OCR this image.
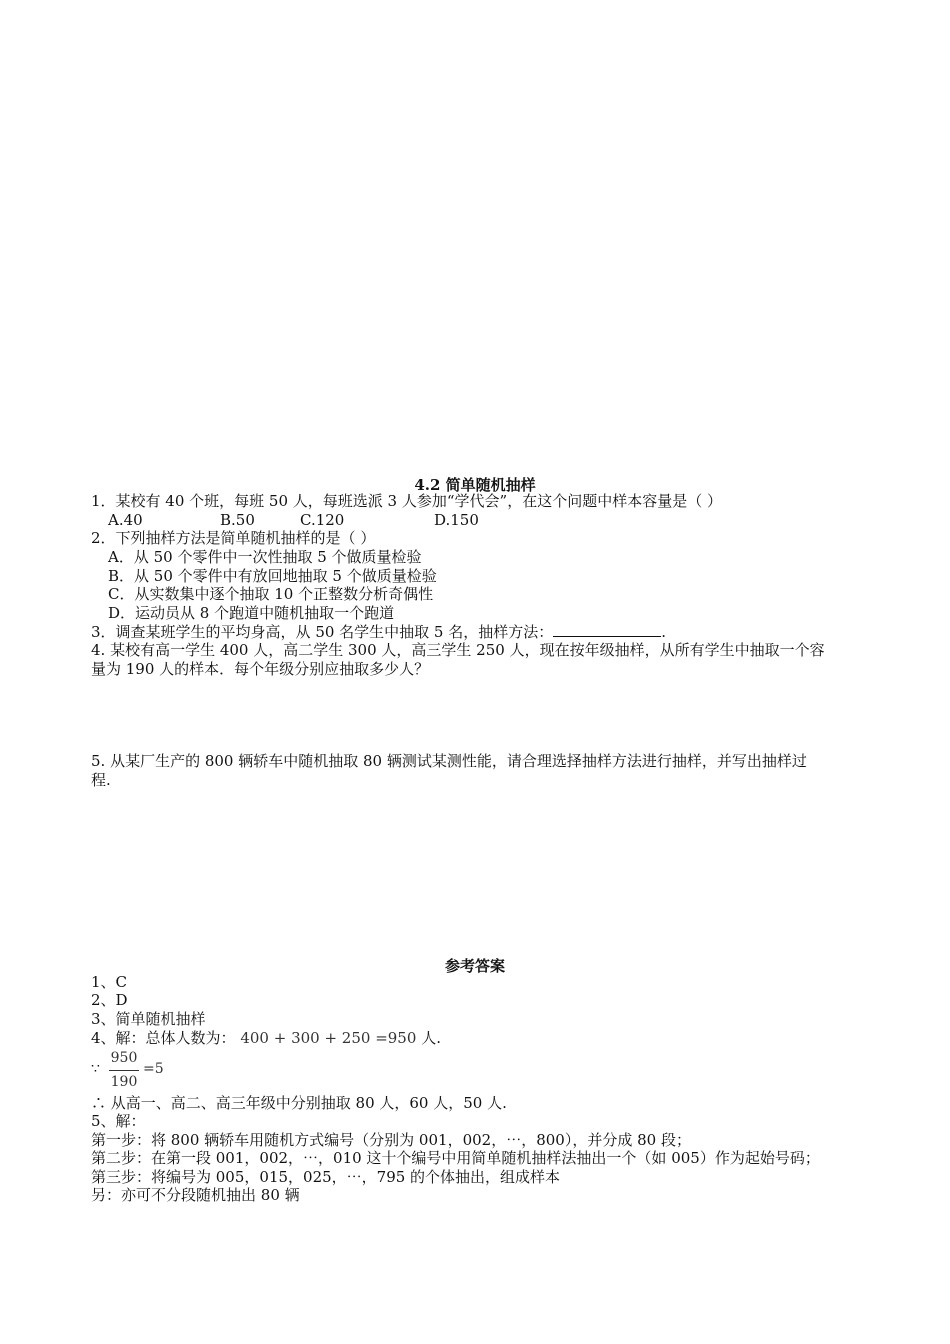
4.2 简单随机抽样
1．某校有 40 个班，每班 50 人，每班选派 3 人参加“学代会”，在这个问题中样本容量是（ ）
A.40	B.50	C.120	D.150
2．下列抽样方法是简单随机抽样的是（ ）
A．从 50 个零件中一次性抽取 5 个做质量检验
B．从 50 个零件中有放回地抽取 5 个做质量检验
C．从实数集中逐个抽取 10 个正整数分析奇偶性
D．运动员从 8 个跑道中随机抽取一个跑道
3．调查某班学生的平均身高，从 50 名学生中抽取 5 名，抽样方法：	.
4. 某校有高一学生 400 人，高二学生 300 人，高三学生 250 人，现在按年级抽样，从所有学生中抽取一个容
量为 190 人的样本．每个年级分别应抽取多少人？
5. 从某厂生产的 800 辆轿车中随机抽取 80 辆测试某测性能，请合理选择抽样方法进行抽样，并写出抽样过
程.
参考答案
1、C
2、D
3、简单随机抽样
4、解：总体人数为： 400 + 300 + 250 =950 人.
∵
950
190
=5
∴ 从高一、高二、高三年级中分别抽取 80 人，60 人，50 人.
5、解：
第一步：将 800 辆轿车用随机方式编号（分别为 001，002，⋯，800），并分成 80 段；
第二步：在第一段 001，002，⋯，010 这十个编号中用简单随机抽样法抽出一个（如 005）作为起始号码；
第三步：将编号为 005，015，025，⋯，795 的个体抽出，组成样本
另：亦可不分段随机抽出 80 辆
